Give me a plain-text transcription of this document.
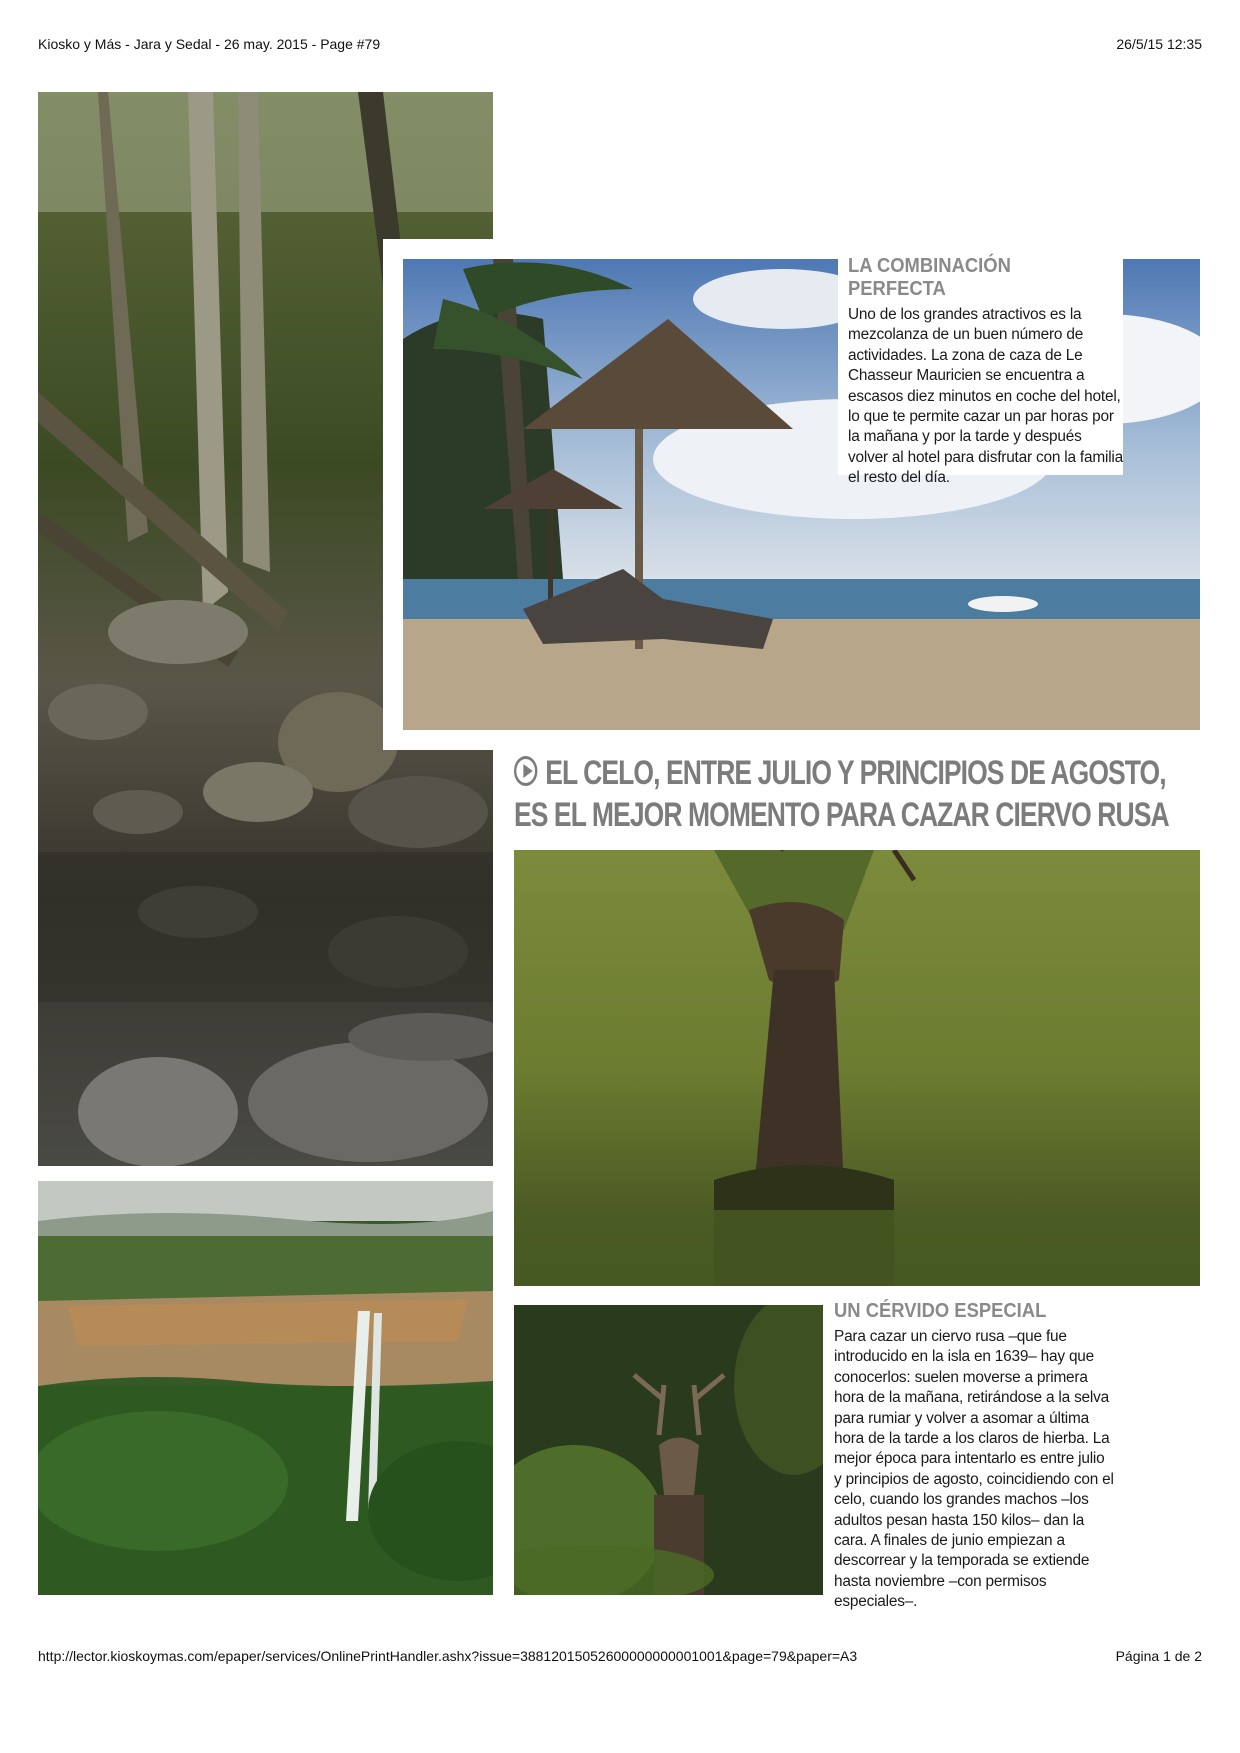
Kiosko y Más - Jara y Sedal - 26 may. 2015 - Page #79	26/5/15 12:35
LA COMBINACIÓN PERFECTA

Uno de los grandes atractivos es la mezcolanza de un buen número de actividades. La zona de caza de Le Chasseur Mauricien se encuentra a escasos diez minutos en coche del hotel, lo que te permite cazar un par horas por la mañana y por la tarde y después volver al hotel para disfrutar con la familia el resto del día.

EL CELO, ENTRE JULIO Y PRINCIPIOS DE AGOSTO,
ES EL MEJOR MOMENTO PARA CAZAR CIERVO RUSA
UN CÉRVIDO ESPECIAL

Para cazar un ciervo rusa –que fue introducido en la isla en 1639– hay que conocerlos: suelen moverse a primera hora de la mañana, retirándose a la selva para rumiar y volver a asomar a última hora de la tarde a los claros de hierba. La mejor época para intentarlo es entre julio y principios de agosto, coincidiendo con el celo, cuando los grandes machos –los adultos pesan hasta 150 kilos– dan la cara. A finales de junio empiezan a descorrear y la temporada se extiende hasta noviembre –con permisos especiales–.

http://lector.kioskoymas.com/epaper/services/OnlinePrintHandler.ashx?issue=38812015052600000000001001&page=79&paper=A3	Página 1 de 2
